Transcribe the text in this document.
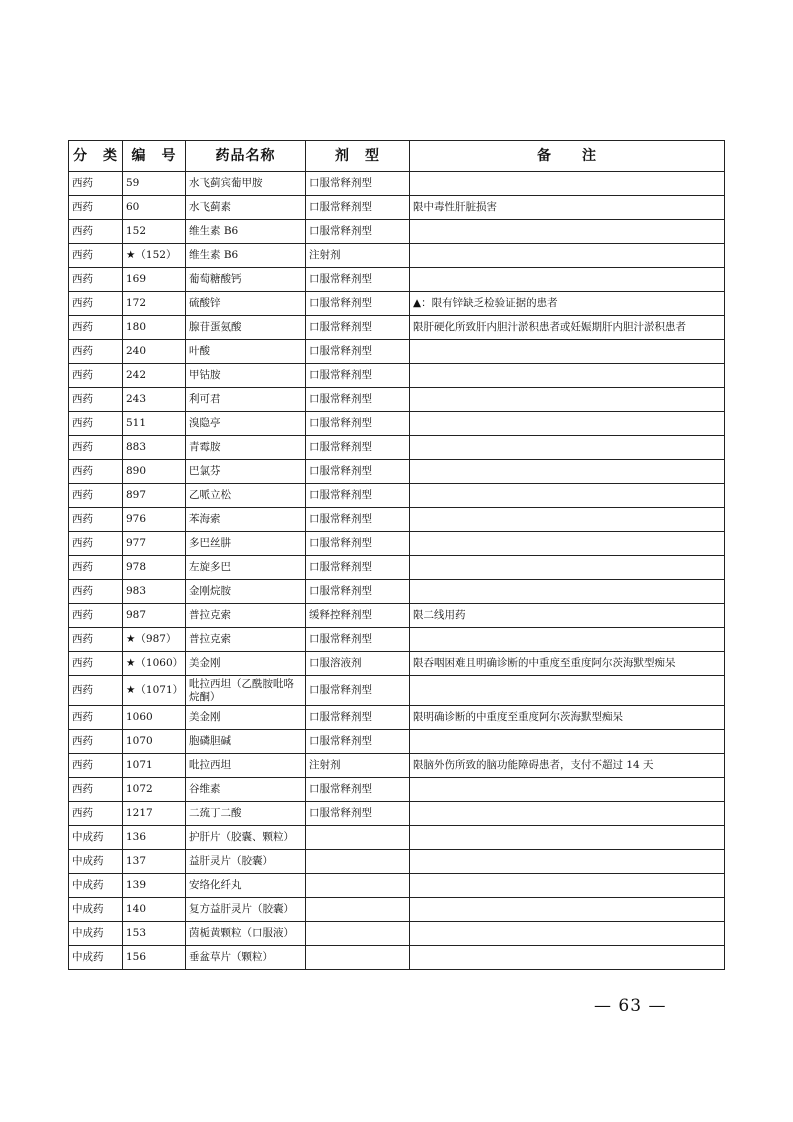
分　类	编　号	药品名称	剂　型	备　　注
西药	59	水飞蓟宾葡甲胺	口服常释剂型	
西药	60	水飞蓟素	口服常释剂型	限中毒性肝脏损害
西药	152	维生素 B6	口服常释剂型	
西药	★（152）	维生素 B6	注射剂	
西药	169	葡萄糖酸钙	口服常释剂型	
西药	172	硫酸锌	口服常释剂型	▲：限有锌缺乏检验证据的患者
西药	180	腺苷蛋氨酸	口服常释剂型	限肝硬化所致肝内胆汁淤积患者或妊娠期肝内胆汁淤积患者
西药	240	叶酸	口服常释剂型	
西药	242	甲钴胺	口服常释剂型	
西药	243	利可君	口服常释剂型	
西药	511	溴隐亭	口服常释剂型	
西药	883	青霉胺	口服常释剂型	
西药	890	巴氯芬	口服常释剂型	
西药	897	乙哌立松	口服常释剂型	
西药	976	苯海索	口服常释剂型	
西药	977	多巴丝肼	口服常释剂型	
西药	978	左旋多巴	口服常释剂型	
西药	983	金刚烷胺	口服常释剂型	
西药	987	普拉克索	缓释控释剂型	限二线用药
西药	★（987）	普拉克索	口服常释剂型	
西药	★（1060）	美金刚	口服溶液剂	限吞咽困难且明确诊断的中重度至重度阿尔茨海默型痴呆
西药	★（1071）	吡拉西坦（乙酰胺吡咯烷酮）	口服常释剂型	
西药	1060	美金刚	口服常释剂型	限明确诊断的中重度至重度阿尔茨海默型痴呆
西药	1070	胞磷胆碱	口服常释剂型	
西药	1071	吡拉西坦	注射剂	限脑外伤所致的脑功能障碍患者，支付不超过 14 天
西药	1072	谷维素	口服常释剂型	
西药	1217	二巯丁二酸	口服常释剂型	
中成药	136	护肝片（胶囊、颗粒）		
中成药	137	益肝灵片（胶囊）		
中成药	139	安络化纤丸		
中成药	140	复方益肝灵片（胶囊）		
中成药	153	茵栀黄颗粒（口服液）		
中成药	156	垂盆草片（颗粒）		
— 63 —
